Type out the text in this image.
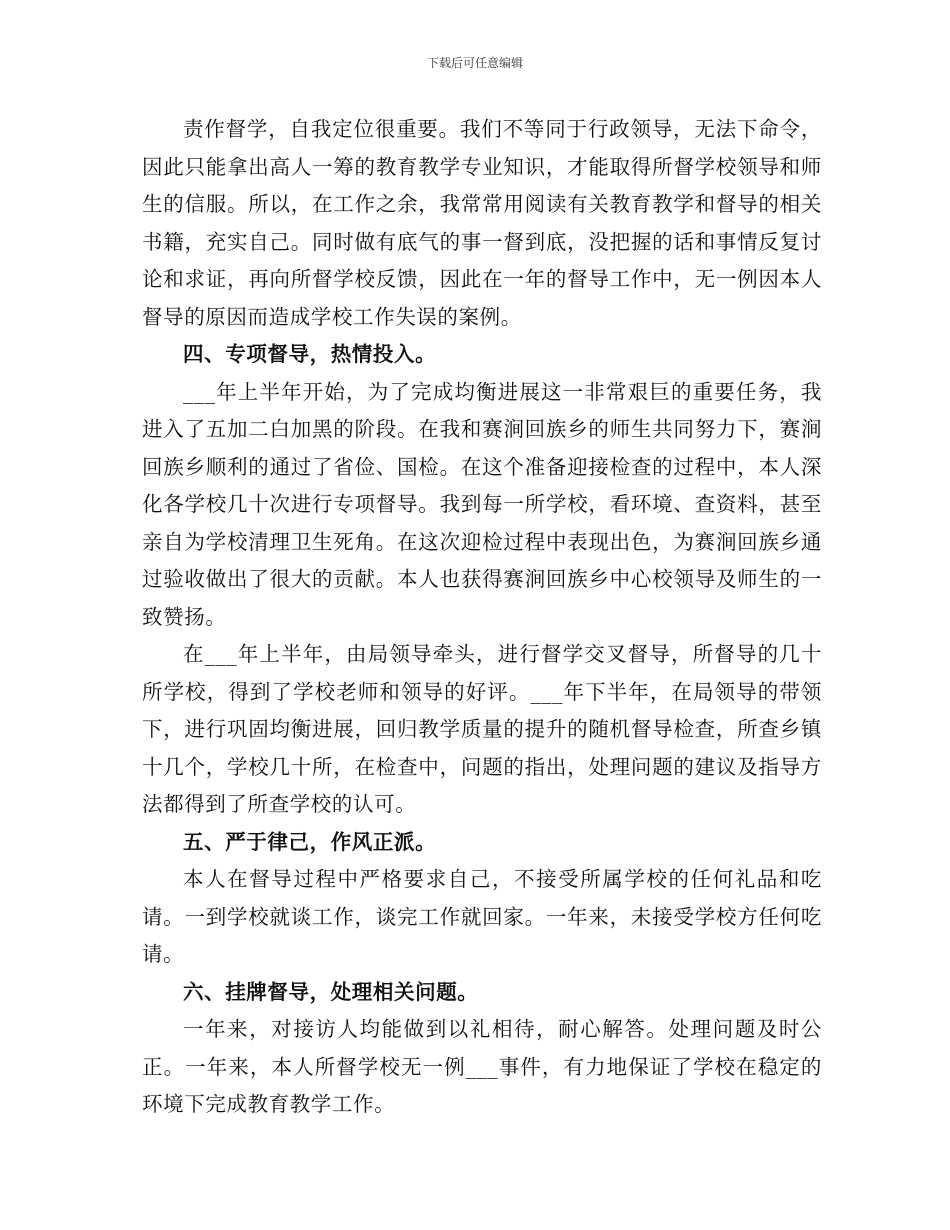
下载后可任意编辑

责作督学，自我定位很重要。我们不等同于行政领导，无法下命令，因此只能拿出高人一筹的教育教学专业知识，才能取得所督学校领导和师生的信服。所以，在工作之余，我常常用阅读有关教育教学和督导的相关书籍，充实自己。同时做有底气的事一督到底，没把握的话和事情反复讨论和求证，再向所督学校反馈，因此在一年的督导工作中，无一例因本人督导的原因而造成学校工作失误的案例。

四、专项督导，热情投入。

___年上半年开始，为了完成均衡进展这一非常艰巨的重要任务，我进入了五加二白加黑的阶段。在我和赛涧回族乡的师生共同努力下，赛涧回族乡顺利的通过了省俭、国检。在这个准备迎接检查的过程中，本人深化各学校几十次进行专项督导。我到每一所学校，看环境、查资料，甚至亲自为学校清理卫生死角。在这次迎检过程中表现出色，为赛涧回族乡通过验收做出了很大的贡献。本人也获得赛涧回族乡中心校领导及师生的一致赞扬。

在___年上半年，由局领导牵头，进行督学交叉督导，所督导的几十所学校，得到了学校老师和领导的好评。___年下半年，在局领导的带领下，进行巩固均衡进展，回归教学质量的提升的随机督导检查，所查乡镇十几个，学校几十所，在检查中，问题的指出，处理问题的建议及指导方法都得到了所查学校的认可。

五、严于律己，作风正派。

本人在督导过程中严格要求自己，不接受所属学校的任何礼品和吃请。一到学校就谈工作，谈完工作就回家。一年来，未接受学校方任何吃请。

六、挂牌督导，处理相关问题。

一年来，对接访人均能做到以礼相待，耐心解答。处理问题及时公正。一年来，本人所督学校无一例___事件，有力地保证了学校在稳定的环境下完成教育教学工作。
